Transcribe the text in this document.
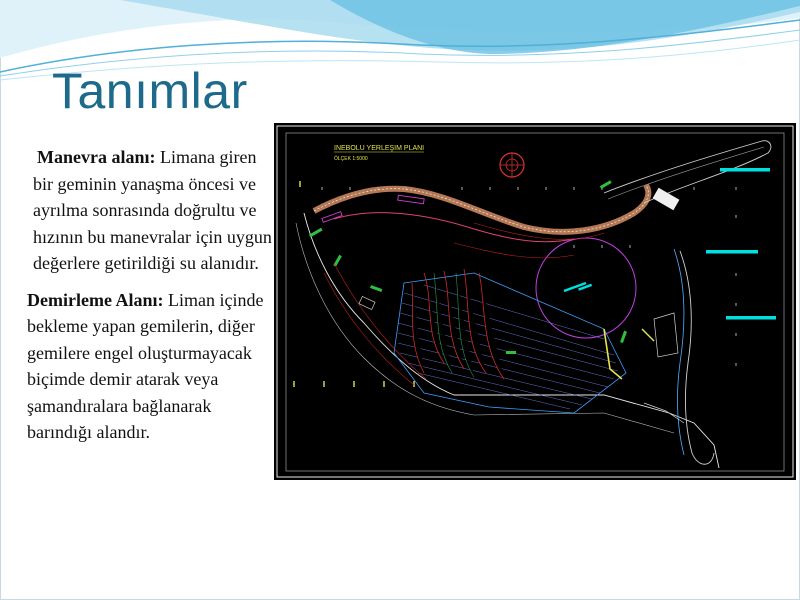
Tanımlar

Manevra alanı: Limana giren bir geminin yanaşma öncesi ve ayrılma sonrasında doğrultu ve hızının bu manevralar için uygun değerlere getirildiği su alanıdır.

Demirleme Alanı: Liman içinde bekleme yapan gemilerin, diğer gemilere engel oluşturmayacak biçimde demir atarak veya şamandıralara bağlanarak barındığı alandır.

INEBOLU YERLEŞIM PLANI
ÖLÇEK 1:5000
